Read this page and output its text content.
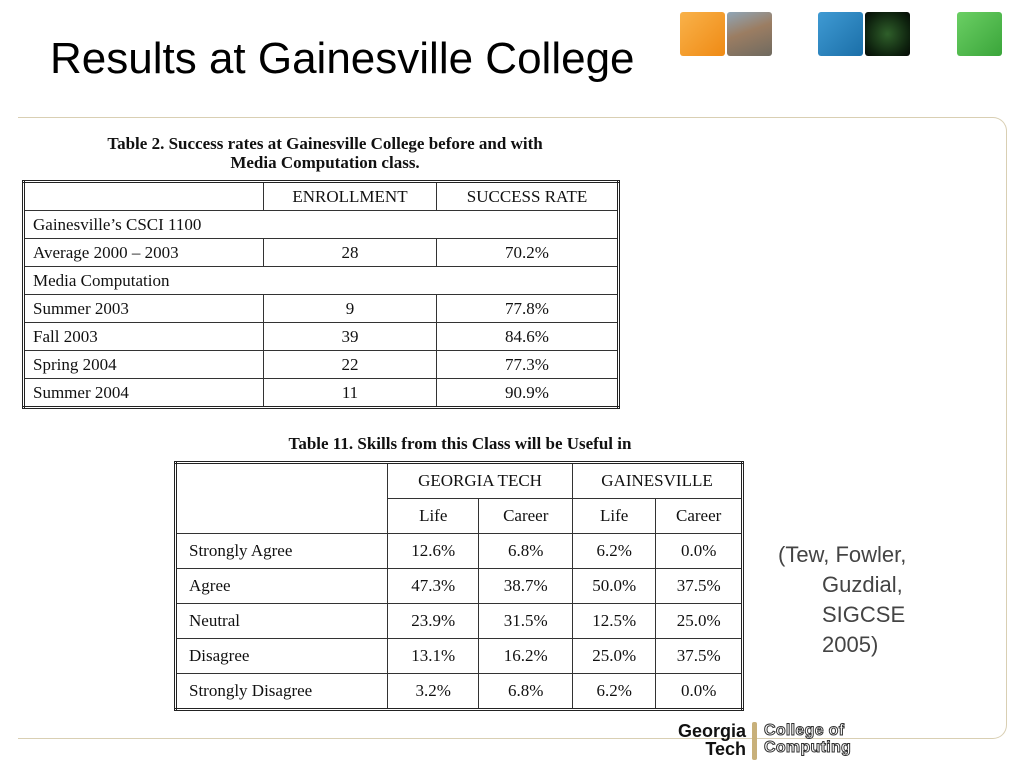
Results at Gainesville College
Table 2. Success rates at Gainesville College before and with
Media Computation class.
	ENROLLMENT	SUCCESS RATE
Gainesville’s CSCI 1100		
Average 2000 – 2003	28	70.2%
Media Computation		
Summer 2003	9	77.8%
Fall 2003	39	84.6%
Spring 2004	22	77.3%
Summer 2004	11	90.9%
Table 11. Skills from this Class will be Useful in
	GEORGIA TECH		GAINESVILLE	
	Life	Career	Life	Career
Strongly Agree	12.6%	6.8%	6.2%	0.0%
Agree	47.3%	38.7%	50.0%	37.5%
Neutral	23.9%	31.5%	12.5%	25.0%
Disagree	13.1%	16.2%	25.0%	37.5%
Strongly Disagree	3.2%	6.8%	6.2%	0.0%
(Tew, Fowler,
Guzdial,
SIGCSE
2005)
Georgia
Tech
College of
Computing
